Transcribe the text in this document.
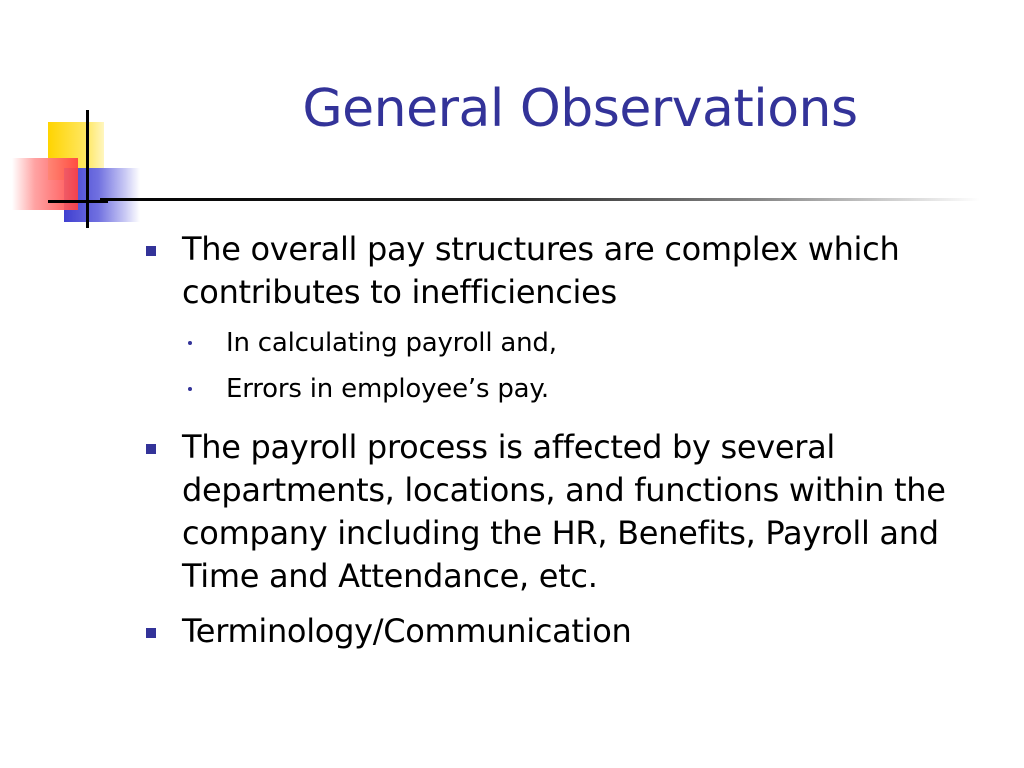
General Observations
The overall pay structures are complex which contributes to inefficiencies
In calculating payroll and,
Errors in employee’s pay.
The payroll process is affected by several departments, locations, and functions within the company including the HR, Benefits, Payroll and Time and Attendance, etc.
Terminology/Communication
